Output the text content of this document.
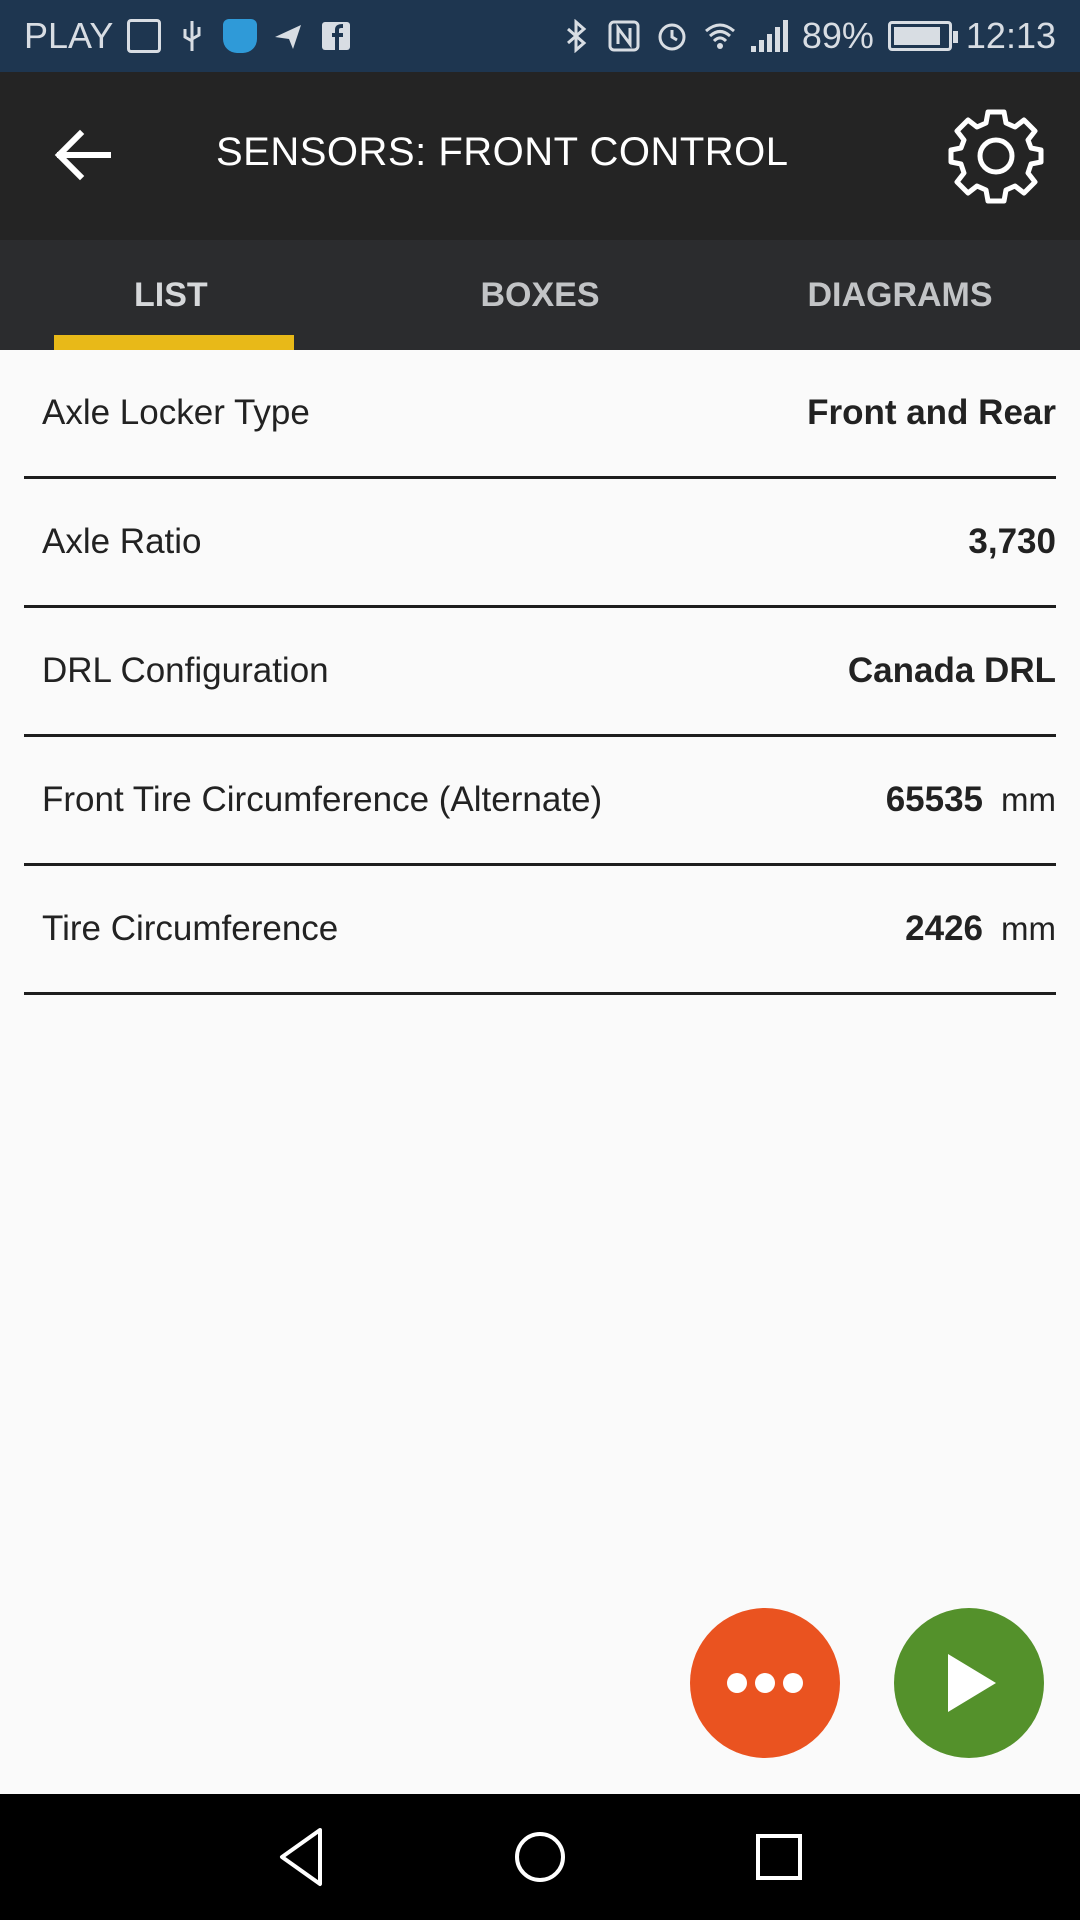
PLAY	89%	12:13
SENSORS: FRONT CONTROL
LIST	BOXES	DIAGRAMS
Axle Locker Type	Front and Rear
Axle Ratio	3,730
DRL Configuration	Canada DRL
Front Tire Circumference (Alternate)	65535 mm
Tire Circumference	2426 mm
